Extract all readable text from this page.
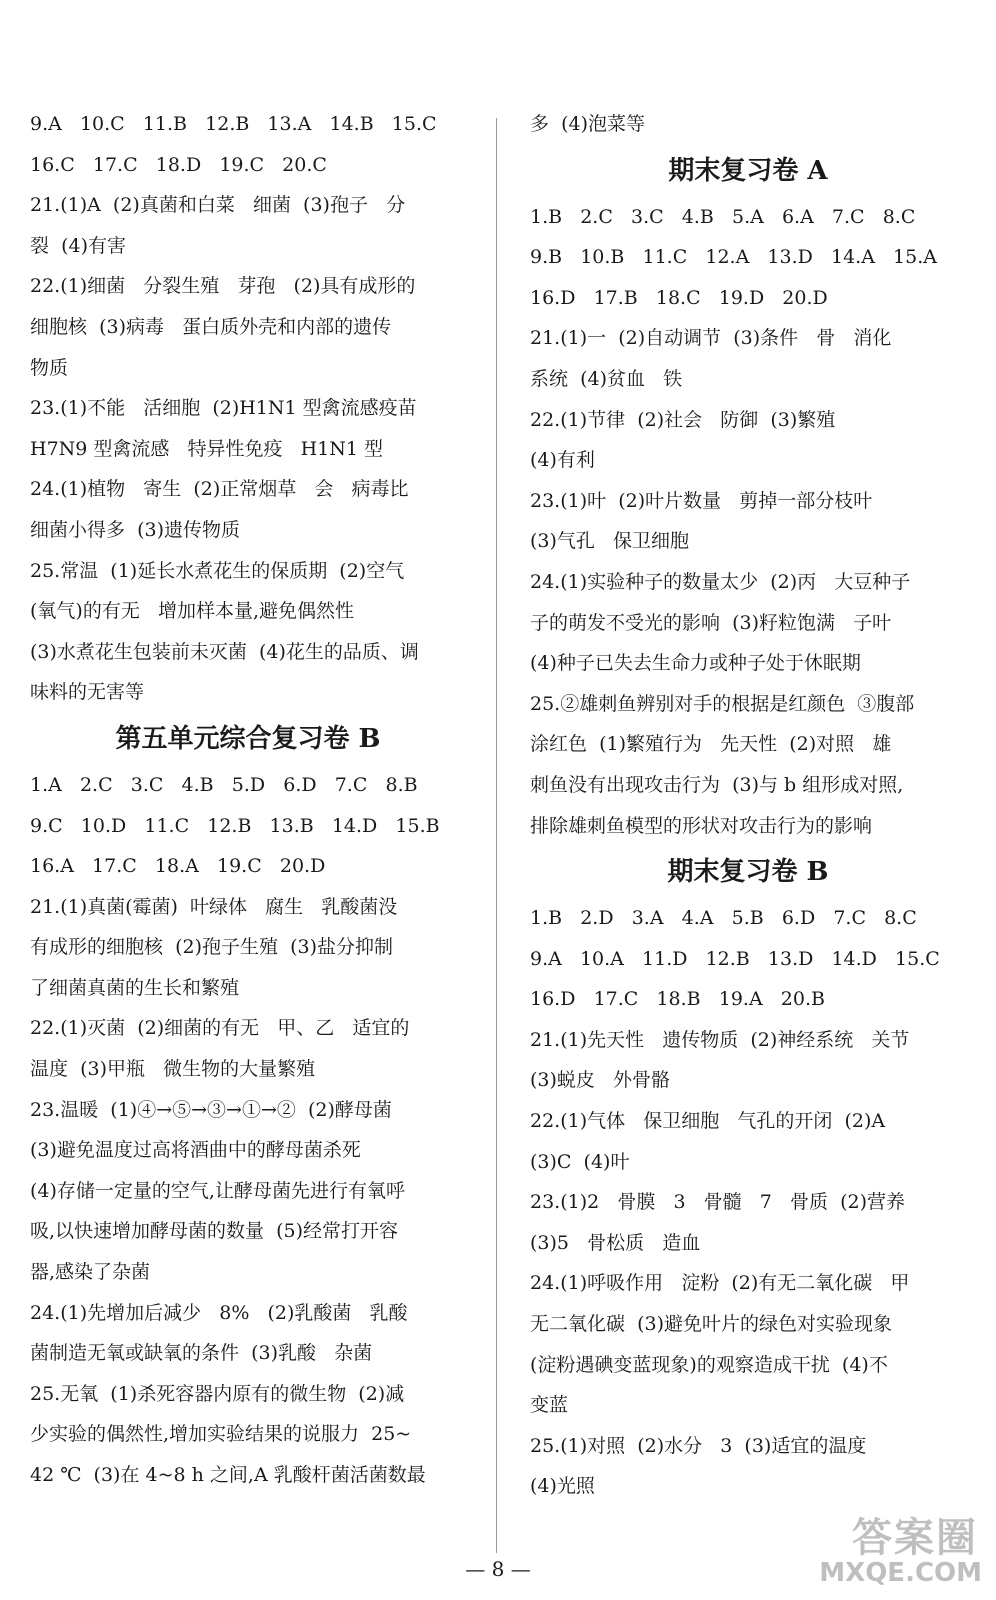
9.A   10.C   11.B   12.B   13.A   14.B   15.C
16.C   17.C   18.D   19.C   20.C
21.(1)A  (2)真菌和白菜   细菌  (3)孢子   分
裂  (4)有害
22.(1)细菌   分裂生殖   芽孢   (2)具有成形的
细胞核  (3)病毒   蛋白质外壳和内部的遗传
物质
23.(1)不能   活细胞  (2)H1N1 型禽流感疫苗
H7N9 型禽流感   特异性免疫   H1N1 型
24.(1)植物   寄生  (2)正常烟草   会   病毒比
细菌小得多  (3)遗传物质
25.常温  (1)延长水煮花生的保质期  (2)空气
(氧气)的有无   增加样本量,避免偶然性
(3)水煮花生包装前未灭菌  (4)花生的品质、调
味料的无害等
第五单元综合复习卷 B
1.A   2.C   3.C   4.B   5.D   6.D   7.C   8.B
9.C   10.D   11.C   12.B   13.B   14.D   15.B
16.A   17.C   18.A   19.C   20.D
21.(1)真菌(霉菌)  叶绿体   腐生   乳酸菌没
有成形的细胞核  (2)孢子生殖  (3)盐分抑制
了细菌真菌的生长和繁殖
22.(1)灭菌  (2)细菌的有无   甲、乙   适宜的
温度  (3)甲瓶   微生物的大量繁殖
23.温暖  (1)④→⑤→③→①→②  (2)酵母菌
(3)避免温度过高将酒曲中的酵母菌杀死
(4)存储一定量的空气,让酵母菌先进行有氧呼
吸,以快速增加酵母菌的数量  (5)经常打开容
器,感染了杂菌
24.(1)先增加后减少   8%   (2)乳酸菌   乳酸
菌制造无氧或缺氧的条件  (3)乳酸   杂菌
25.无氧  (1)杀死容器内原有的微生物  (2)减
少实验的偶然性,增加实验结果的说服力  25~
42 ℃  (3)在 4~8 h 之间,A 乳酸杆菌活菌数最
多  (4)泡菜等
期末复习卷 A
1.B   2.C   3.C   4.B   5.A   6.A   7.C   8.C
9.B   10.B   11.C   12.A   13.D   14.A   15.A
16.D   17.B   18.C   19.D   20.D
21.(1)一  (2)自动调节  (3)条件   骨   消化
系统  (4)贫血   铁
22.(1)节律  (2)社会   防御  (3)繁殖
(4)有利
23.(1)叶  (2)叶片数量   剪掉一部分枝叶
(3)气孔   保卫细胞
24.(1)实验种子的数量太少  (2)丙   大豆种子
子的萌发不受光的影响  (3)籽粒饱满   子叶
(4)种子已失去生命力或种子处于休眠期
25.②雄刺鱼辨别对手的根据是红颜色  ③腹部
涂红色  (1)繁殖行为   先天性  (2)对照   雄
刺鱼没有出现攻击行为  (3)与 b 组形成对照,
排除雄刺鱼模型的形状对攻击行为的影响
期末复习卷 B
1.B   2.D   3.A   4.A   5.B   6.D   7.C   8.C
9.A   10.A   11.D   12.B   13.D   14.D   15.C
16.D   17.C   18.B   19.A   20.B
21.(1)先天性   遗传物质  (2)神经系统   关节
(3)蜕皮   外骨骼
22.(1)气体   保卫细胞   气孔的开闭  (2)A
(3)C  (4)叶
23.(1)2   骨膜   3   骨髓   7   骨质  (2)营养
(3)5   骨松质   造血
24.(1)呼吸作用   淀粉  (2)有无二氧化碳   甲
无二氧化碳  (3)避免叶片的绿色对实验现象
(淀粉遇碘变蓝现象)的观察造成干扰  (4)不
变蓝
25.(1)对照  (2)水分   3  (3)适宜的温度
(4)光照
— 8 —
答案圈
MXQE.COM
